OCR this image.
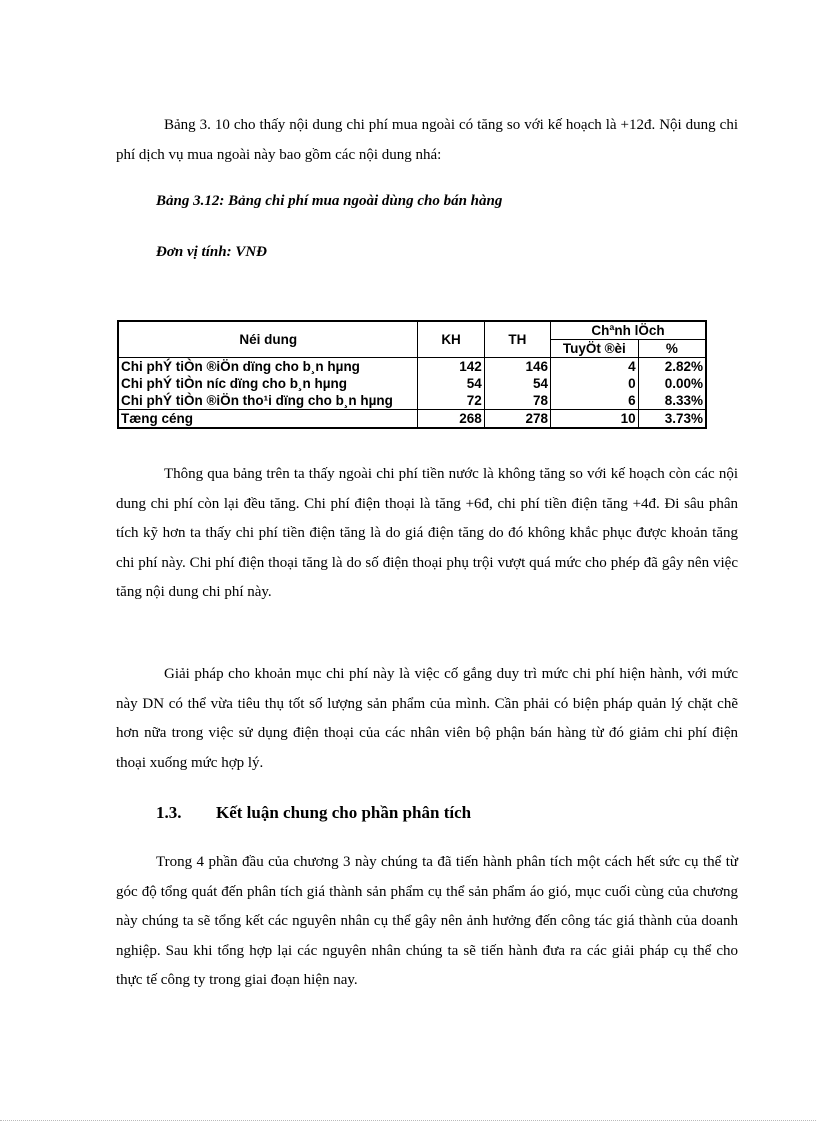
Bảng 3. 10 cho thấy nội dung chi phí mua ngoài có tăng so với kế hoạch là +12đ. Nội dung chi phí dịch vụ mua ngoài này bao gồm các nội dung nhá:

Bảng 3.12: Bảng chi phí mua ngoài dùng cho bán hàng

Đơn vị tính: VNĐ

Néi dung	KH	TH	Chªnh lÖch	
			TuyÖt ®èi	%
Chi phÝ tiÒn ®iÖn dïng cho b¸n hµng	142	146	4	2.82%
Chi phÝ tiÒn níc dïng cho b¸n hµng	54	54	0	0.00%
Chi phÝ tiÒn ®iÖn tho¹i dïng cho b¸n hµng	72	78	6	8.33%
Tæng céng	268	278	10	3.73%

Thông qua bảng trên ta thấy ngoài chi phí tiền nước là không tăng so với kế hoạch còn các nội dung chi phí còn lại đều tăng. Chi phí điện thoại là tăng +6đ, chi phí tiền điện tăng +4đ. Đi sâu phân tích kỹ hơn ta thấy chi phí tiền điện tăng là do giá điện tăng do đó không khắc phục được khoản tăng chi phí này. Chi phí điện thoại tăng là do số điện thoại phụ trội vượt quá mức cho phép đã gây nên việc tăng nội dung chi phí này.

Giải pháp cho khoản mục chi phí này là việc cố gắng duy trì mức chi phí hiện hành, với mức này DN có thể vừa tiêu thụ tốt số lượng sản phẩm của mình. Cần phải có biện pháp quản lý chặt chẽ hơn nữa trong việc sử dụng điện thoại của các nhân viên bộ phận bán hàng từ đó giảm chi phí điện thoại xuống mức hợp lý.

1.3. Kết luận chung cho phần phân tích

Trong 4 phần đầu của chương 3 này chúng ta đã tiến hành phân tích một cách hết sức cụ thể từ góc độ tổng quát đến phân tích giá thành sản phẩm cụ thể sản phẩm áo gió, mục cuối cùng của chương này chúng ta sẽ tổng kết các nguyên nhân cụ thể gây nên ảnh hưởng đến công tác giá thành của doanh nghiệp. Sau khi tổng hợp lại các nguyên nhân chúng ta sẽ tiến hành đưa ra các giải pháp cụ thể cho thực tế công ty trong giai đoạn hiện nay.
